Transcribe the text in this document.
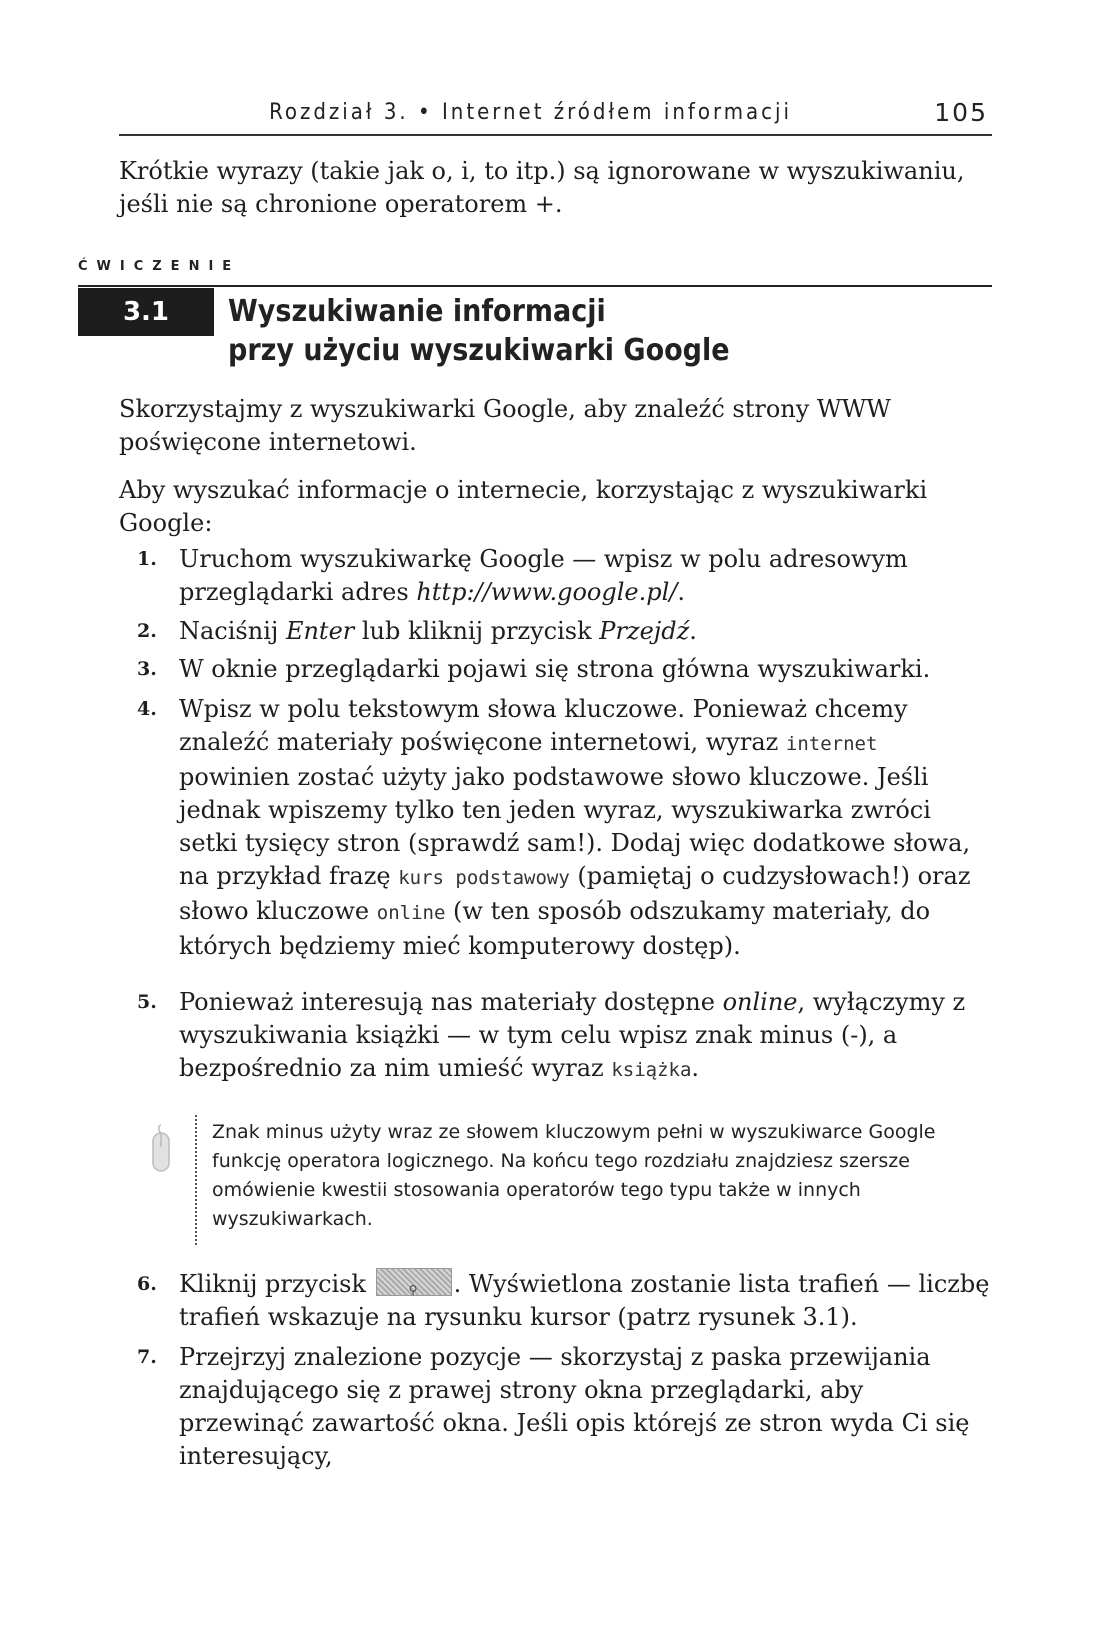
Rozdział 3. • Internet źródłem informacji	105

Krótkie wyrazy (takie jak o, i, to itp.) są ignorowane w wyszukiwaniu, jeśli nie są chronione operatorem +.

ĆWICZENIE
3.1	Wyszukiwanie informacji
przy użyciu wyszukiwarki Google

Skorzystajmy z wyszukiwarki Google, aby znaleźć strony WWW poświęcone internetowi.

Aby wyszukać informacje o internecie, korzystając z wyszukiwarki Google:

1. Uruchom wyszukiwarkę Google — wpisz w polu adresowym przeglądarki adres http://www.google.pl/.
2. Naciśnij Enter lub kliknij przycisk Przejdź.
3. W oknie przeglądarki pojawi się strona główna wyszukiwarki.
4. Wpisz w polu tekstowym słowa kluczowe. Ponieważ chcemy znaleźć materiały poświęcone internetowi, wyraz internet powinien zostać użyty jako podstawowe słowo kluczowe. Jeśli jednak wpiszemy tylko ten jeden wyraz, wyszukiwarka zwróci setki tysięcy stron (sprawdź sam!). Dodaj więc dodatkowe słowa, na przykład frazę kurs podstawowy (pamiętaj o cudzysłowach!) oraz słowo kluczowe online (w ten sposób odszukamy materiały, do których będziemy mieć komputerowy dostęp).
5. Ponieważ interesują nas materiały dostępne online, wyłączymy z wyszukiwania książki — w tym celu wpisz znak minus (-), a bezpośrednio za nim umieść wyraz książka.

Znak minus użyty wraz ze słowem kluczowym pełni w wyszukiwarce Google funkcję operatora logicznego. Na końcu tego rozdziału znajdziesz szersze omówienie kwestii stosowania operatorów tego typu także w innych wyszukiwarkach.

6. Kliknij przycisk	⚲ . Wyświetlona zostanie lista trafień — liczbę trafień wskazuje na rysunku kursor (patrz rysunek 3.1).
7. Przejrzyj znalezione pozycje — skorzystaj z paska przewijania znajdującego się z prawej strony okna przeglądarki, aby przewinąć zawartość okna. Jeśli opis którejś ze stron wyda Ci się interesujący,
